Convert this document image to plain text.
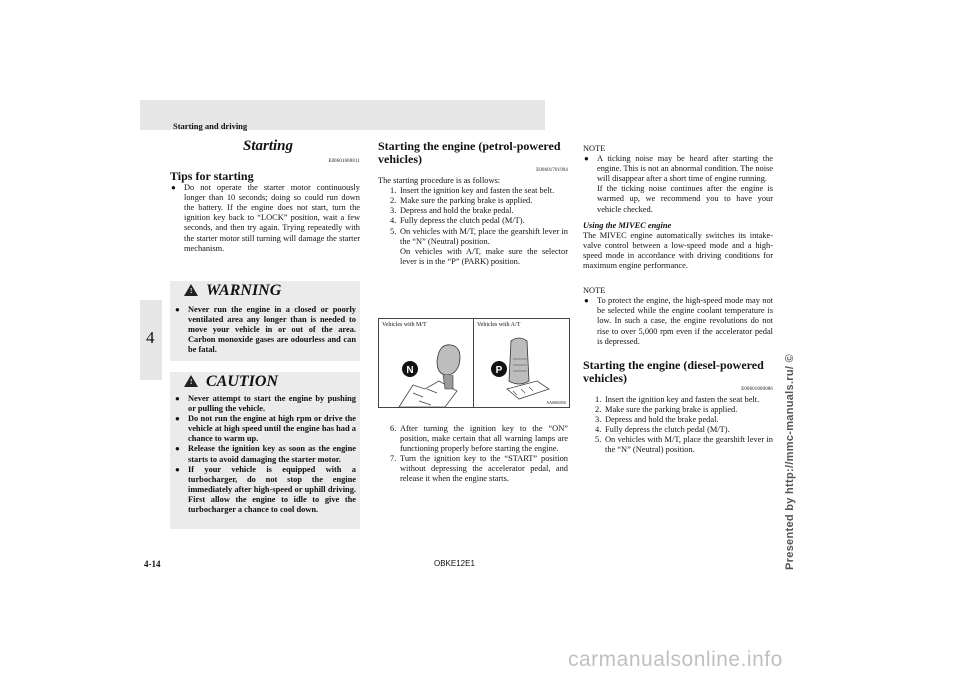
Starting and driving
4
Starting

E00601600811

Tips for starting

● Do not operate the starter motor continuously longer than 10 seconds; doing so could run down the battery. If the engine does not start, turn the ignition key back to “LOCK” position, wait a few seconds, and then try again. Trying repeatedly with the starter motor still turning will damage the starter mechanism.
! WARNING
● Never run the engine in a closed or poorly ventilated area any longer than is needed to move your vehicle in or out of the area. Carbon monoxide gases are odourless and can be fatal.
! CAUTION
● Never attempt to start the engine by pushing or pulling the vehicle.
● Do not run the engine at high rpm or drive the vehicle at high speed until the engine has had a chance to warm up.
● Release the ignition key as soon as the engine starts to avoid damaging the starter motor.
● If your vehicle is equipped with a turbocharger, do not stop the engine immediately after high-speed or uphill driving. First allow the engine to idle to give the turbocharger a chance to cool down.

Starting the engine (petrol-powered vehicles)

E00601701994

The starting procedure is as follows:

1. Insert the ignition key and fasten the seat belt.
2. Make sure the parking brake is applied.
3. Depress and hold the brake pedal.
4. Fully depress the clutch pedal (M/T).
5. On vehicles with M/T, place the gearshift lever in the “N” (Neutral) position.

On vehicles with A/T, make sure the selector lever is in the “P” (PARK) position.

Vehicles with M/T	Vehicles with A/T
N	P
AA0065056
6. After turning the ignition key to the “ON” position, make certain that all warning lamps are functioning properly before starting the engine.
7. Turn the ignition key to the “START” position without depressing the accelerator pedal, and release it when the engine starts.

NOTE

● A ticking noise may be heard after starting the engine. This is not an abnormal condition. The noise will disappear after a short time of engine running.

If the ticking noise continues after the engine is warmed up, we recommend you to have your vehicle checked.

Using the MIVEC engine

The MIVEC engine automatically switches its intake-valve control between a low-speed mode and a high-speed mode in accordance with driving conditions for maximum engine performance.

NOTE

● To protect the engine, the high-speed mode may not be selected while the engine coolant temperature is low. In such a case, the engine revolutions do not rise to over 5,000 rpm even if the accelerator pedal is depressed.

Starting the engine (diesel-powered vehicles)

E00601800086

1. Insert the ignition key and fasten the seat belt.
2. Make sure the parking brake is applied.
3. Depress and hold the brake pedal.
4. Fully depress the clutch pedal (M/T).
5. On vehicles with M/T, place the gearshift lever in the “N” (Neutral) position.
4-14	OBKE12E1	Presented by http://mmc-manuals.ru/ ©
carmanualsonline.info
